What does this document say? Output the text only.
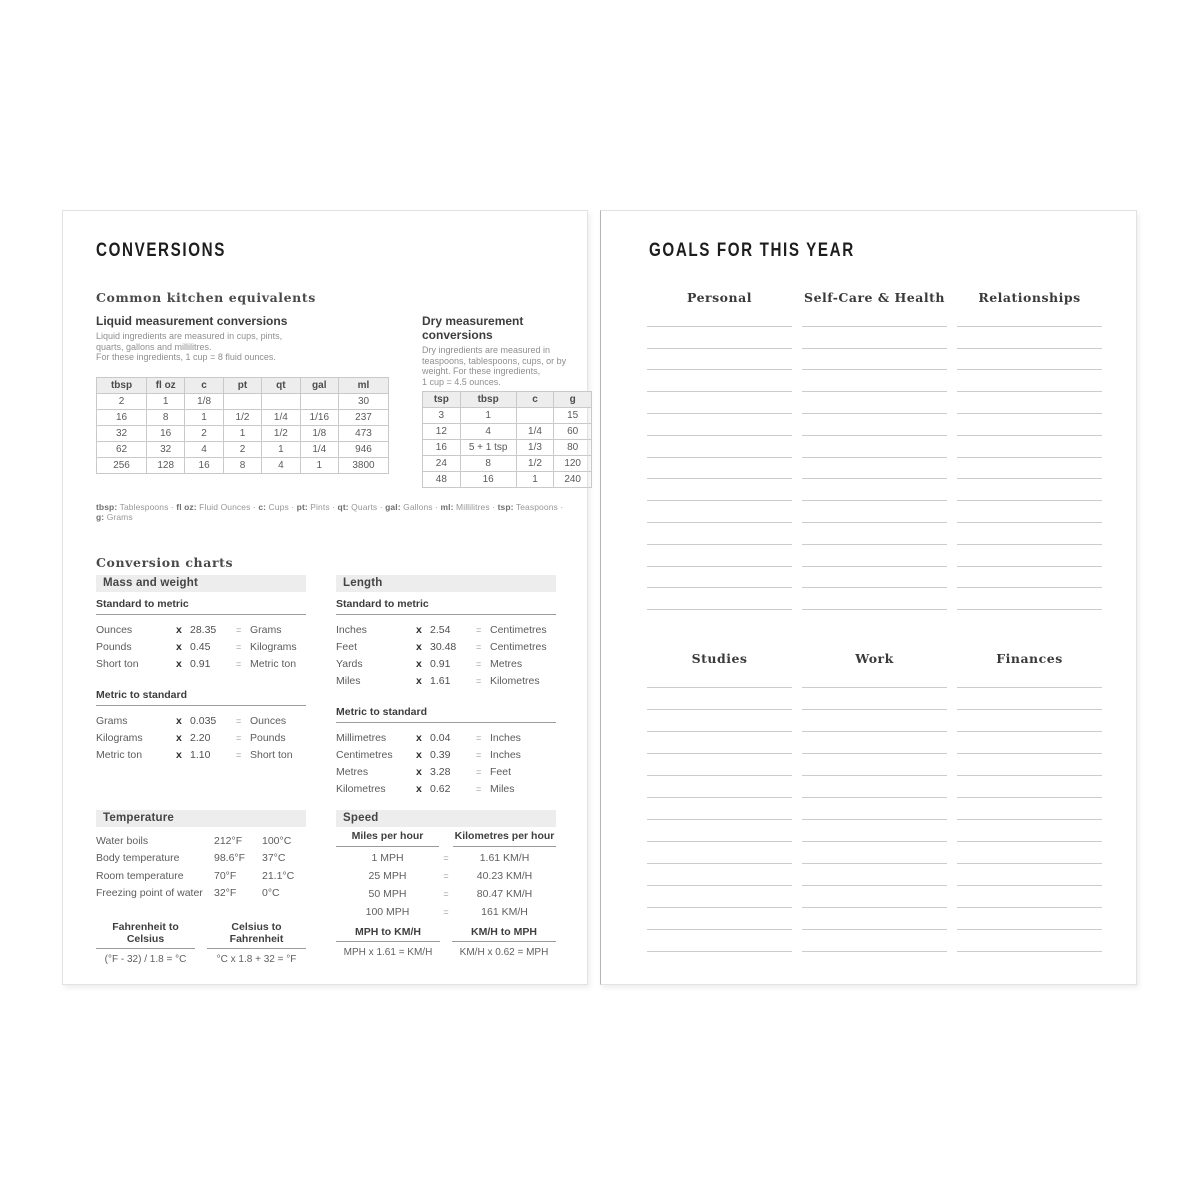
CONVERSIONS
Common kitchen equivalents
Liquid measurement conversions

Liquid ingredients are measured in cups, pints,
quarts, gallons and millilitres.
For these ingredients, 1 cup = 8 fluid ounces.

tbsp	fl oz	c	pt	qt	gal	ml
2	1	1/8				30
16	8	1	1/2	1/4	1/16	237
32	16	2	1	1/2	1/8	473
62	32	4	2	1	1/4	946
256	128	16	8	4	1	3800
Dry measurement conversions

Dry ingredients are measured in
teaspoons, tablespoons, cups, or by
weight. For these ingredients,
1 cup = 4.5 ounces.

tsp	tbsp	c	g
3	1		15
12	4	1/4	60
16	5 + 1 tsp	1/3	80
24	8	1/2	120
48	16	1	240

tbsp: Tablespoons · fl oz: Fluid Ounces · c: Cups · pt: Pints · qt: Quarts · gal: Gallons · ml: Millilitres · tsp: Teaspoons · g: Grams

Conversion charts
Mass and weight
Standard to metric
Ounces	x 28.35	= Grams
Pounds	x 0.45	= Kilograms
Short ton	x 0.91	= Metric ton
Metric to standard
Grams	x 0.035	= Ounces
Kilograms	x 2.20	= Pounds
Metric ton	x 1.10	= Short ton
Length
Standard to metric
Inches	x 2.54	= Centimetres
Feet	x 30.48	= Centimetres
Yards	x 0.91	= Metres
Miles	x 1.61	= Kilometres
Metric to standard
Millimetres	x 0.04	= Inches
Centimetres	x 0.39	= Inches
Metres	x 3.28	= Feet
Kilometres	x 0.62	= Miles
Temperature
Water boils	212°F	100°C
Body temperature	98.6°F	37°C
Room temperature	70°F	21.1°C
Freezing point of water	32°F	0°C
Fahrenheit to Celsius
(°F - 32) / 1.8 = °C
Celsius to Fahrenheit
°C x 1.8 + 32 = °F
Speed
Miles per hour	Kilometres per hour
1 MPH	=	1.61 KM/H
25 MPH	=	40.23 KM/H
50 MPH	=	80.47 KM/H
100 MPH	=	161 KM/H
MPH to KM/H
MPH x 1.61 = KM/H
KM/H to MPH
KM/H x 0.62 = MPH
GOALS FOR THIS YEAR
Personal	Self-Care & Health	Relationships
Studies	Work	Finances
